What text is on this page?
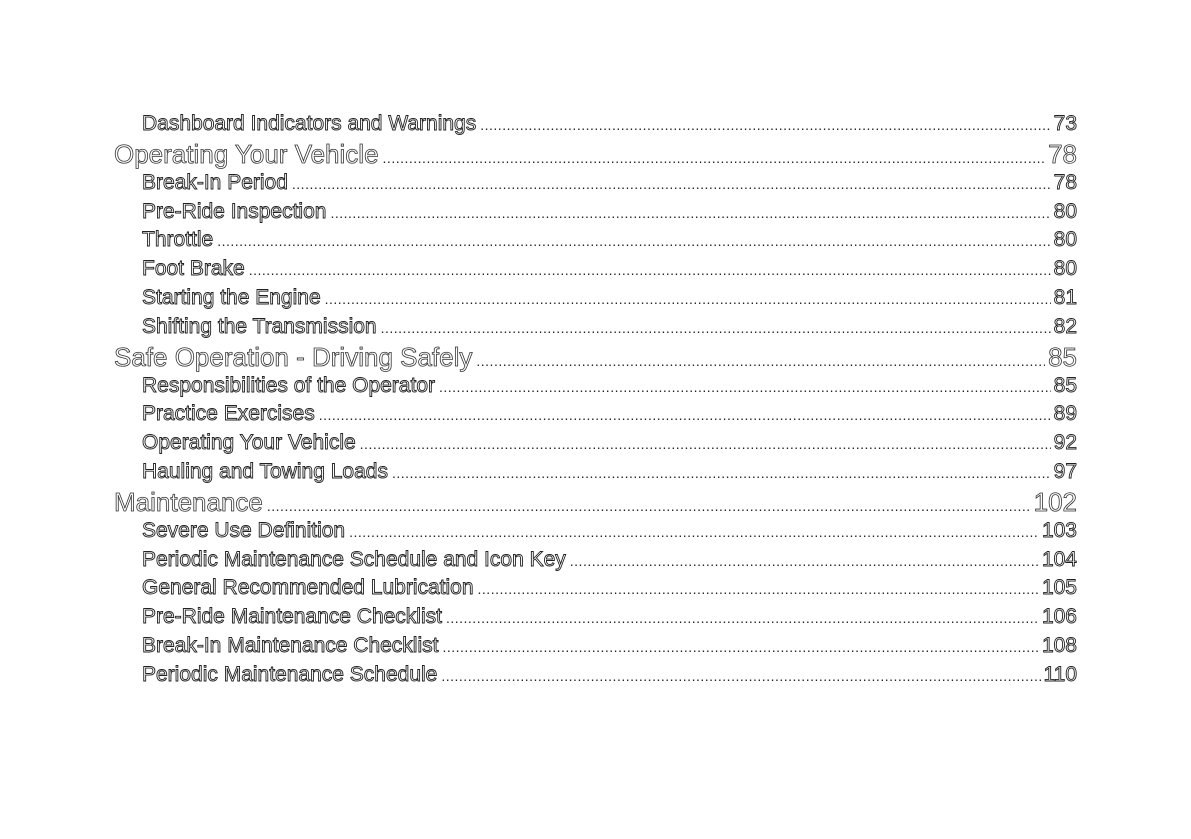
Dashboard Indicators and Warnings .....	73
Operating Your Vehicle .....	78
Break-In Period .....	78
Pre-Ride Inspection .....	80
Throttle .....	80
Foot Brake .....	80
Starting the Engine .....	81
Shifting the Transmission .....	82
Safe Operation - Driving Safely .....	85
Responsibilities of the Operator .....	85
Practice Exercises .....	89
Operating Your Vehicle .....	92
Hauling and Towing Loads .....	97
Maintenance .....	102
Severe Use Definition .....	103
Periodic Maintenance Schedule and Icon Key .....	104
General Recommended Lubrication .....	105
Pre-Ride Maintenance Checklist .....	106
Break-In Maintenance Checklist .....	108
Periodic Maintenance Schedule .....	110
